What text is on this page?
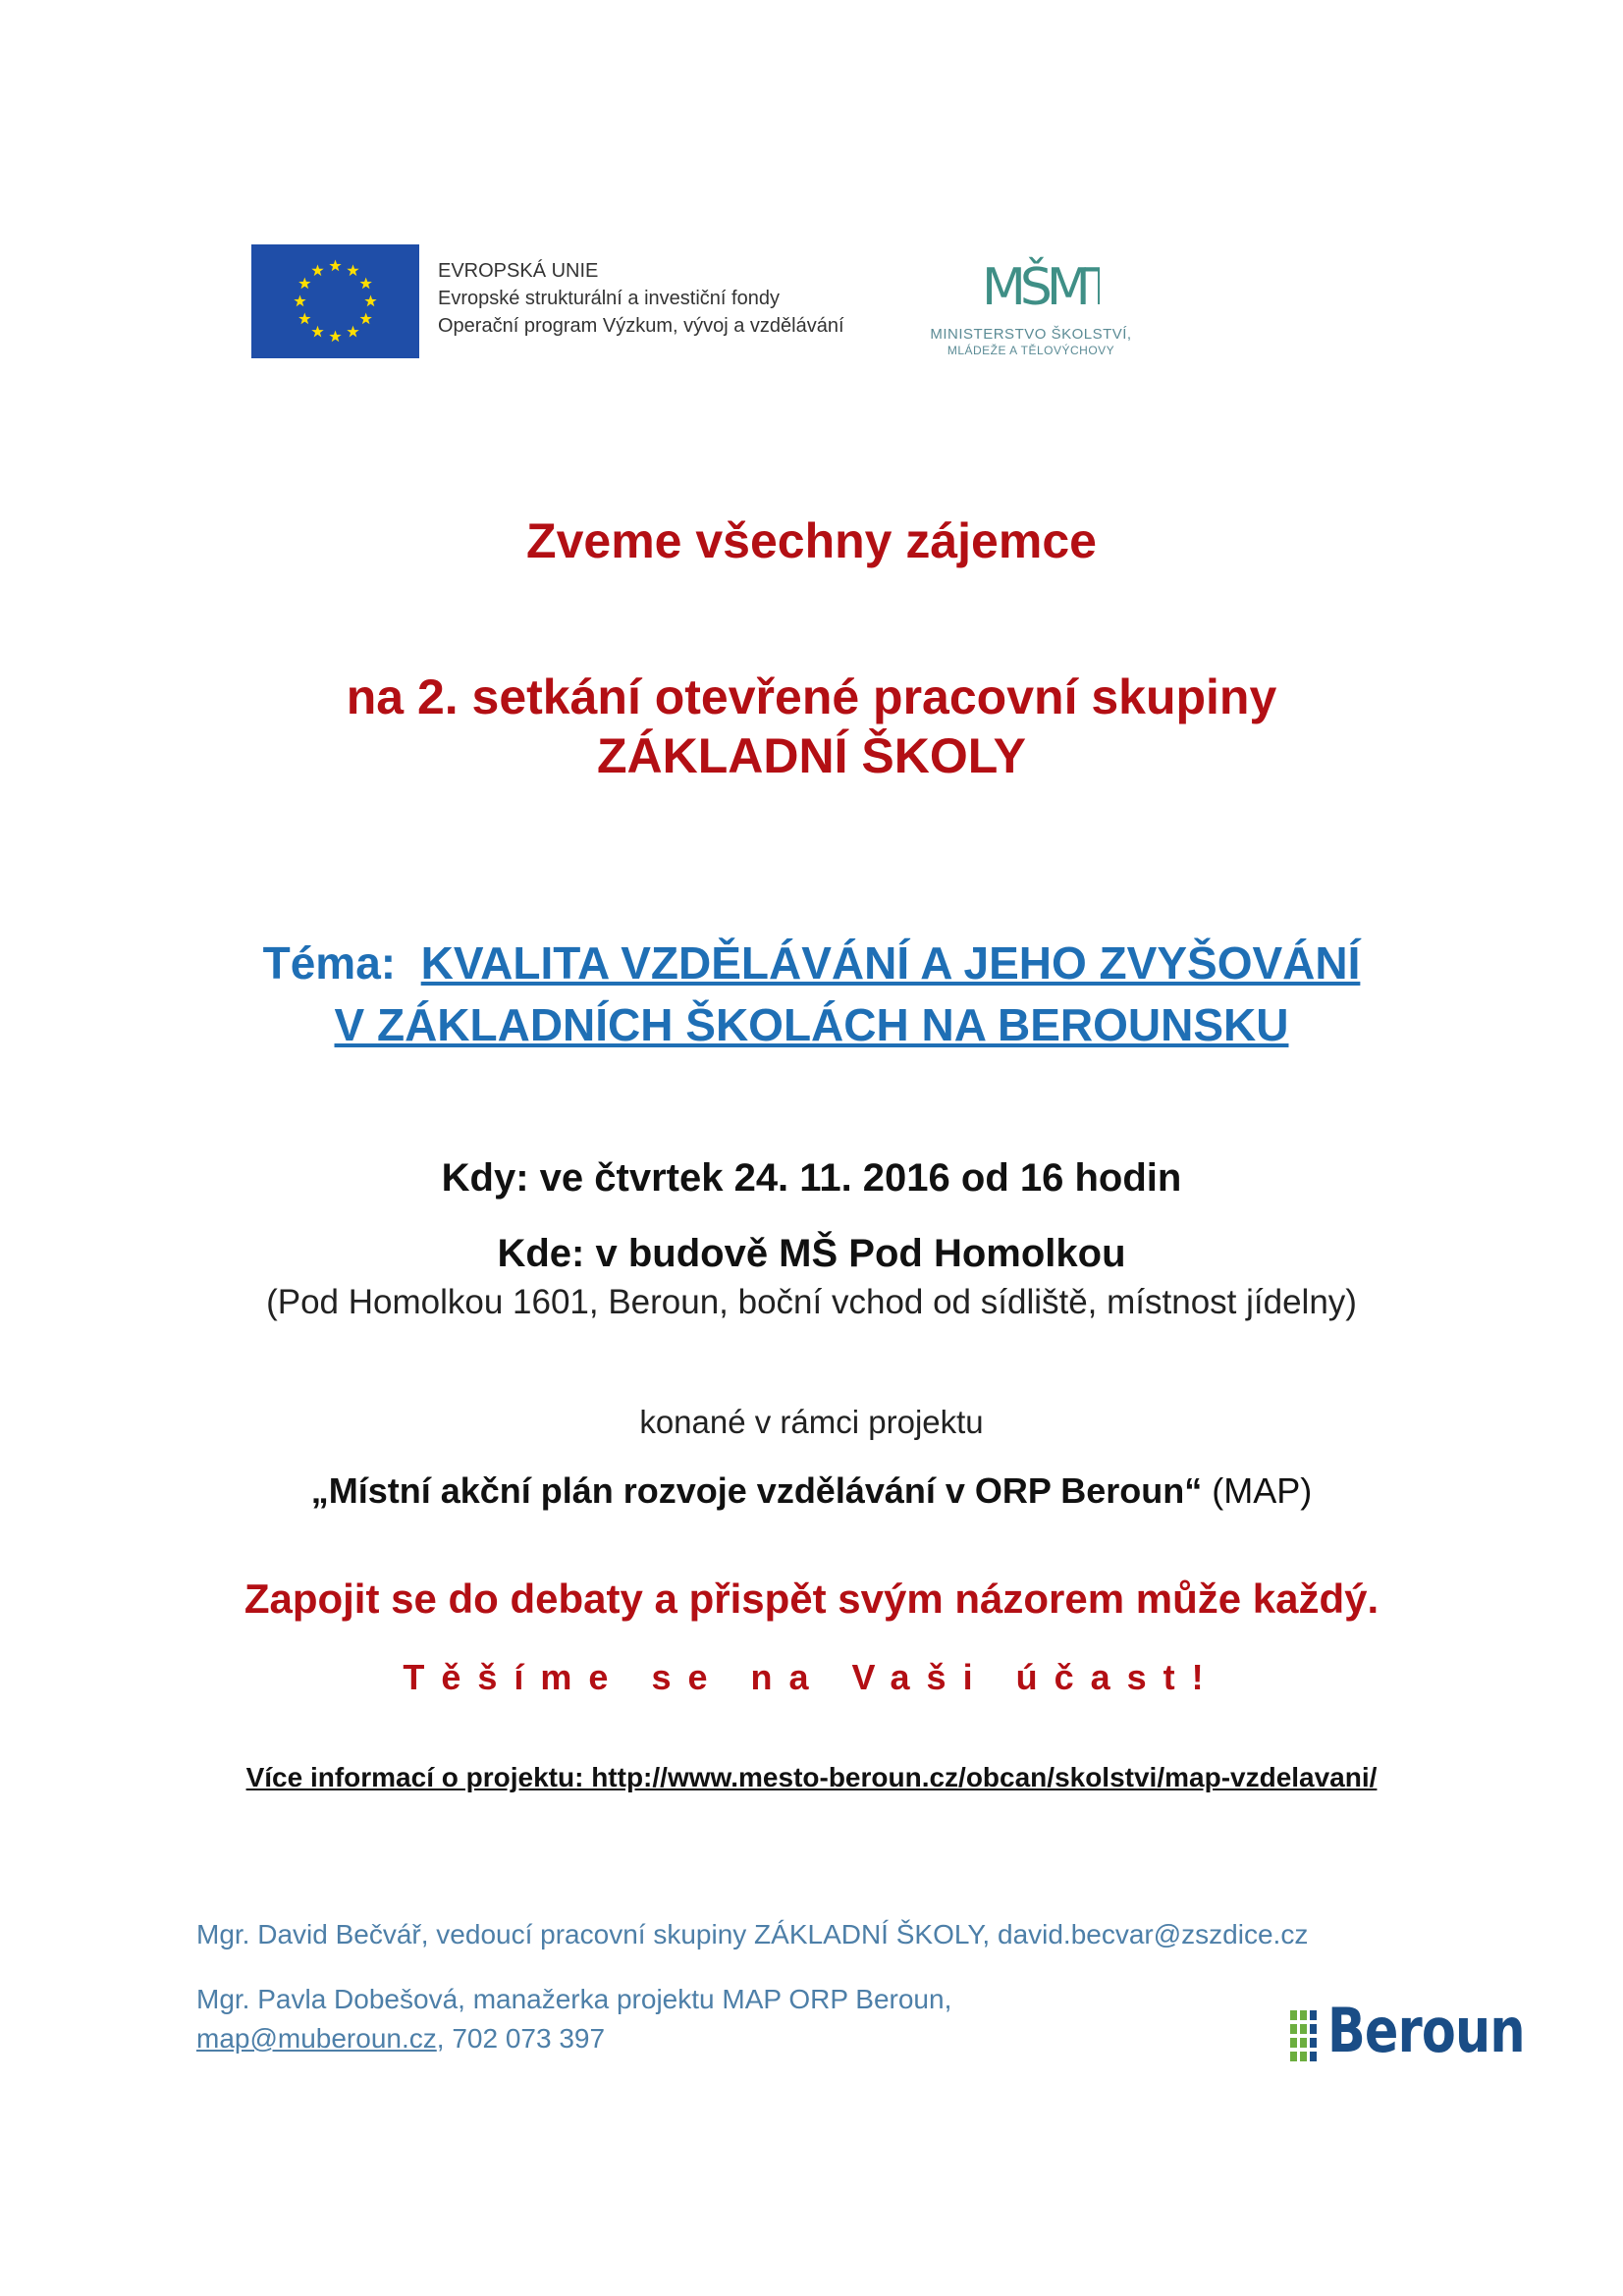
EVROPSKÁ UNIE
Evropské strukturální a investiční fondy
Operační program Výzkum, vývoj a vzdělávání
MŠMT
MINISTERSTVO ŠKOLSTVÍ,
MLÁDEŽE A TĚLOVÝCHOVY
Zveme všechny zájemce
na 2. setkání otevřené pracovní skupiny
ZÁKLADNÍ ŠKOLY
Téma: KVALITA VZDĚLÁVÁNÍ A JEHO ZVYŠOVÁNÍ
V ZÁKLADNÍCH ŠKOLÁCH NA BEROUNSKU
Kdy: ve čtvrtek 24. 11. 2016 od 16 hodin
Kde: v budově MŠ Pod Homolkou
(Pod Homolkou 1601, Beroun, boční vchod od sídliště, místnost jídelny)
konané v rámci projektu
„Místní akční plán rozvoje vzdělávání v ORP Beroun“ (MAP)
Zapojit se do debaty a přispět svým názorem může každý.
Těšíme se na Vaši účast!
Více informací o projektu: http://www.mesto-beroun.cz/obcan/skolstvi/map-vzdelavani/
Mgr. David Bečvář, vedoucí pracovní skupiny ZÁKLADNÍ ŠKOLY, david.becvar@zszdice.cz
Mgr. Pavla Dobešová, manažerka projektu MAP ORP Beroun,
map@muberoun.cz, 702 073 397	Beroun
